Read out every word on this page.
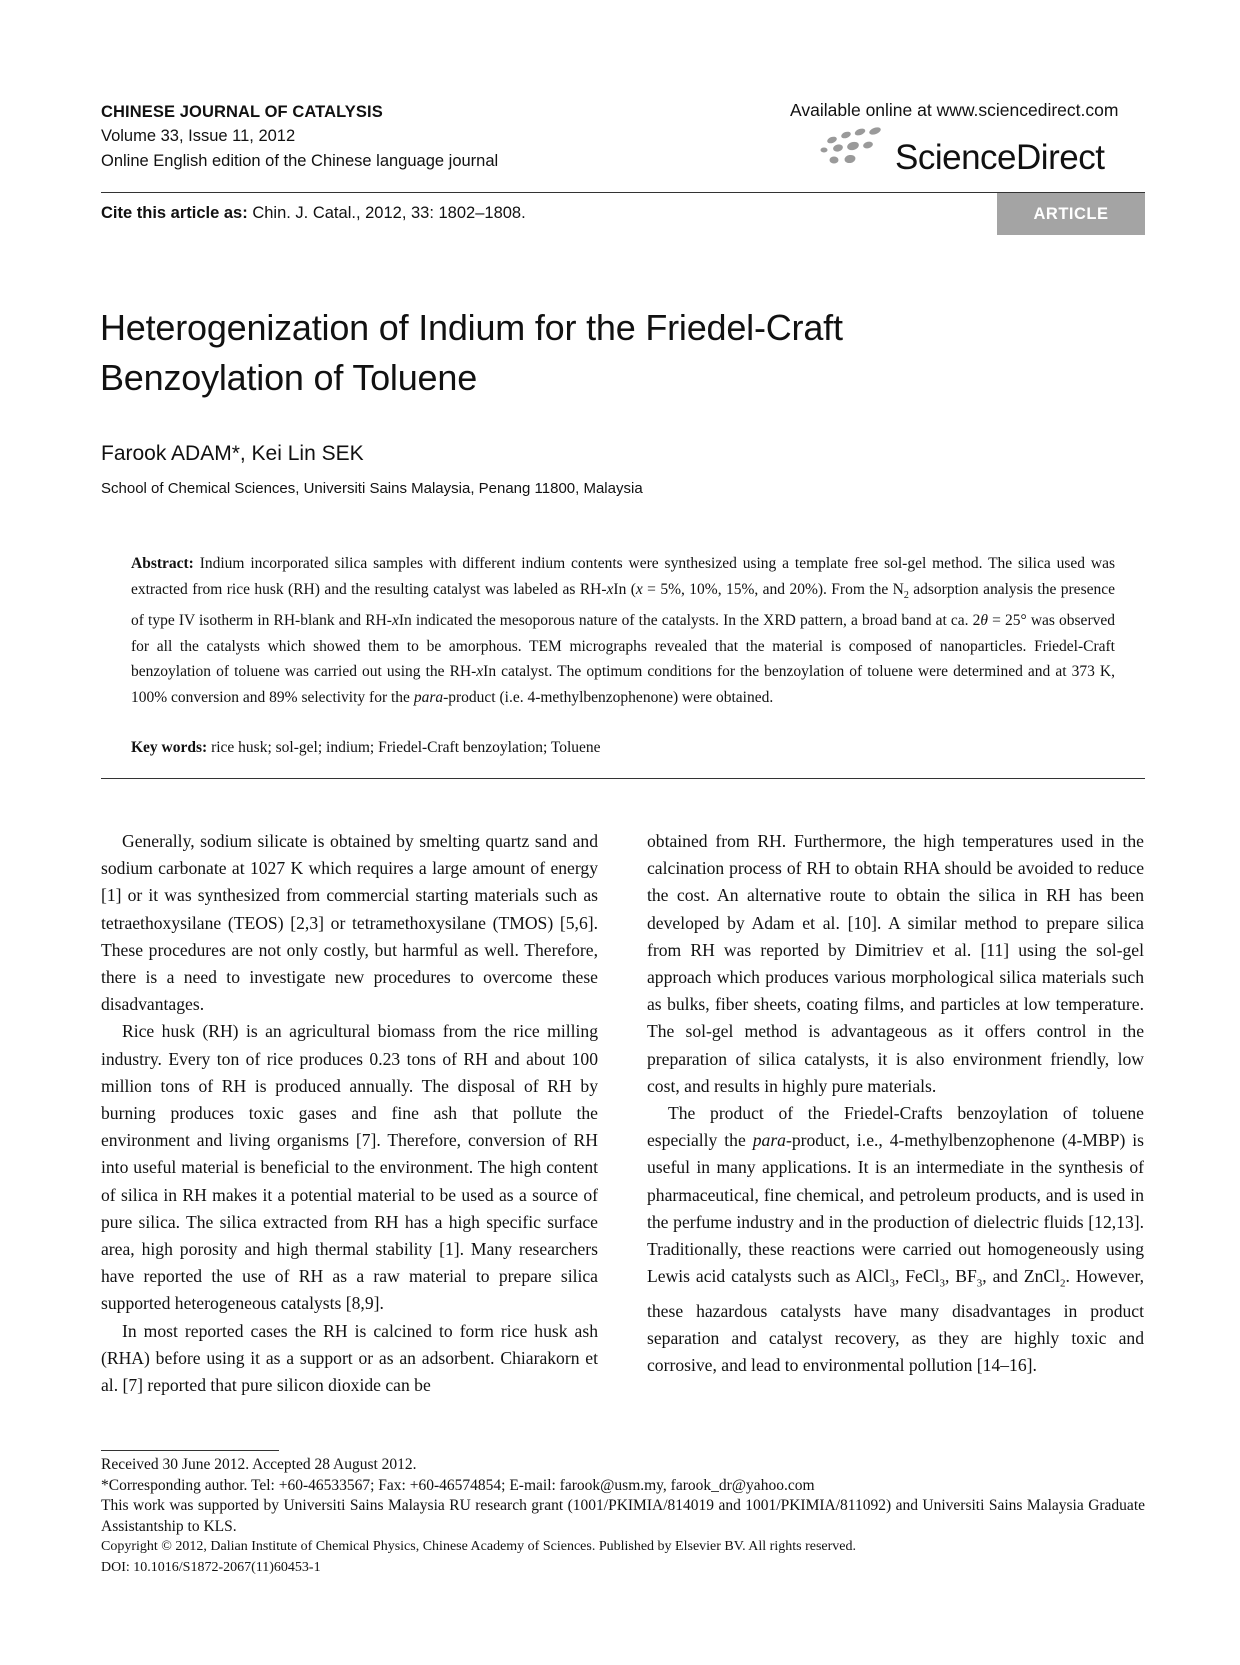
CHINESE JOURNAL OF CATALYSIS
Volume 33, Issue 11, 2012
Online English edition of the Chinese language journal
Available online at www.sciencedirect.com
ScienceDirect
Cite this article as: Chin. J. Catal., 2012, 33: 1802–1808.	ARTICLE
Heterogenization of Indium for the Friedel-Craft
Benzoylation of Toluene
Farook ADAM*, Kei Lin SEK
School of Chemical Sciences, Universiti Sains Malaysia, Penang 11800, Malaysia
Abstract: Indium incorporated silica samples with different indium contents were synthesized using a template free sol-gel method. The silica used was extracted from rice husk (RH) and the resulting catalyst was labeled as RH-xIn (x = 5%, 10%, 15%, and 20%). From the $N_2$ adsorption analysis the presence of type IV isotherm in RH-blank and RH-xIn indicated the mesoporous nature of the catalysts. In the XRD pattern, a broad band at ca. 2θ = 25° was observed for all the catalysts which showed them to be amorphous. TEM micrographs revealed that the material is composed of nanoparticles. Friedel-Craft benzoylation of toluene was carried out using the RH-xIn catalyst. The optimum conditions for the benzoylation of toluene were determined and at 373 K, 100% conversion and 89% selectivity for the para-product (i.e. 4-methylbenzophenone) were obtained.
Key words: rice husk; sol-gel; indium; Friedel-Craft benzoylation; Toluene

Generally, sodium silicate is obtained by smelting quartz sand and sodium carbonate at 1027 K which requires a large amount of energy [1] or it was synthesized from commercial starting materials such as tetraethoxysilane (TEOS) [2,3] or tetramethoxysilane (TMOS) [5,6]. These procedures are not only costly, but harmful as well. Therefore, there is a need to investigate new procedures to overcome these disadvantages.

Rice husk (RH) is an agricultural biomass from the rice milling industry. Every ton of rice produces 0.23 tons of RH and about 100 million tons of RH is produced annually. The disposal of RH by burning produces toxic gases and fine ash that pollute the environment and living organisms [7]. Therefore, conversion of RH into useful material is beneficial to the environment. The high content of silica in RH makes it a potential material to be used as a source of pure silica. The silica extracted from RH has a high specific surface area, high porosity and high thermal stability [1]. Many researchers have reported the use of RH as a raw material to prepare silica supported heterogeneous catalysts [8,9].

In most reported cases the RH is calcined to form rice husk ash (RHA) before using it as a support or as an adsorbent. Chiarakorn et al. [7] reported that pure silicon dioxide can be

obtained from RH. Furthermore, the high temperatures used in the calcination process of RH to obtain RHA should be avoided to reduce the cost. An alternative route to obtain the silica in RH has been developed by Adam et al. [10]. A similar method to prepare silica from RH was reported by Dimitriev et al. [11] using the sol-gel approach which produces various morphological silica materials such as bulks, fiber sheets, coating films, and particles at low temperature. The sol-gel method is advantageous as it offers control in the preparation of silica catalysts, it is also environment friendly, low cost, and results in highly pure materials.

The product of the Friedel-Crafts benzoylation of toluene especially the para-product, i.e., 4-methylbenzophenone (4-MBP) is useful in many applications. It is an intermediate in the synthesis of pharmaceutical, fine chemical, and petroleum products, and is used in the perfume industry and in the production of dielectric fluids [12,13]. Traditionally, these reactions were carried out homogeneously using Lewis acid catalysts such as AlCl$_3$, FeCl$_3$, $BF_3$, and ZnCl$_2$. However, these hazardous catalysts have many disadvantages in product separation and catalyst recovery, as they are highly toxic and corrosive, and lead to environmental pollution [14–16].

Received 30 June 2012. Accepted 28 August 2012.
*Corresponding author. Tel: +60-46533567; Fax: +60-46574854; E-mail: farook@usm.my, farook_dr@yahoo.com
This work was supported by Universiti Sains Malaysia RU research grant (1001/PKIMIA/814019 and 1001/PKIMIA/811092) and Universiti Sains Malaysia Graduate Assistantship to KLS.
Copyright © 2012, Dalian Institute of Chemical Physics, Chinese Academy of Sciences. Published by Elsevier BV. All rights reserved.
DOI: 10.1016/S1872-2067(11)60453-1
